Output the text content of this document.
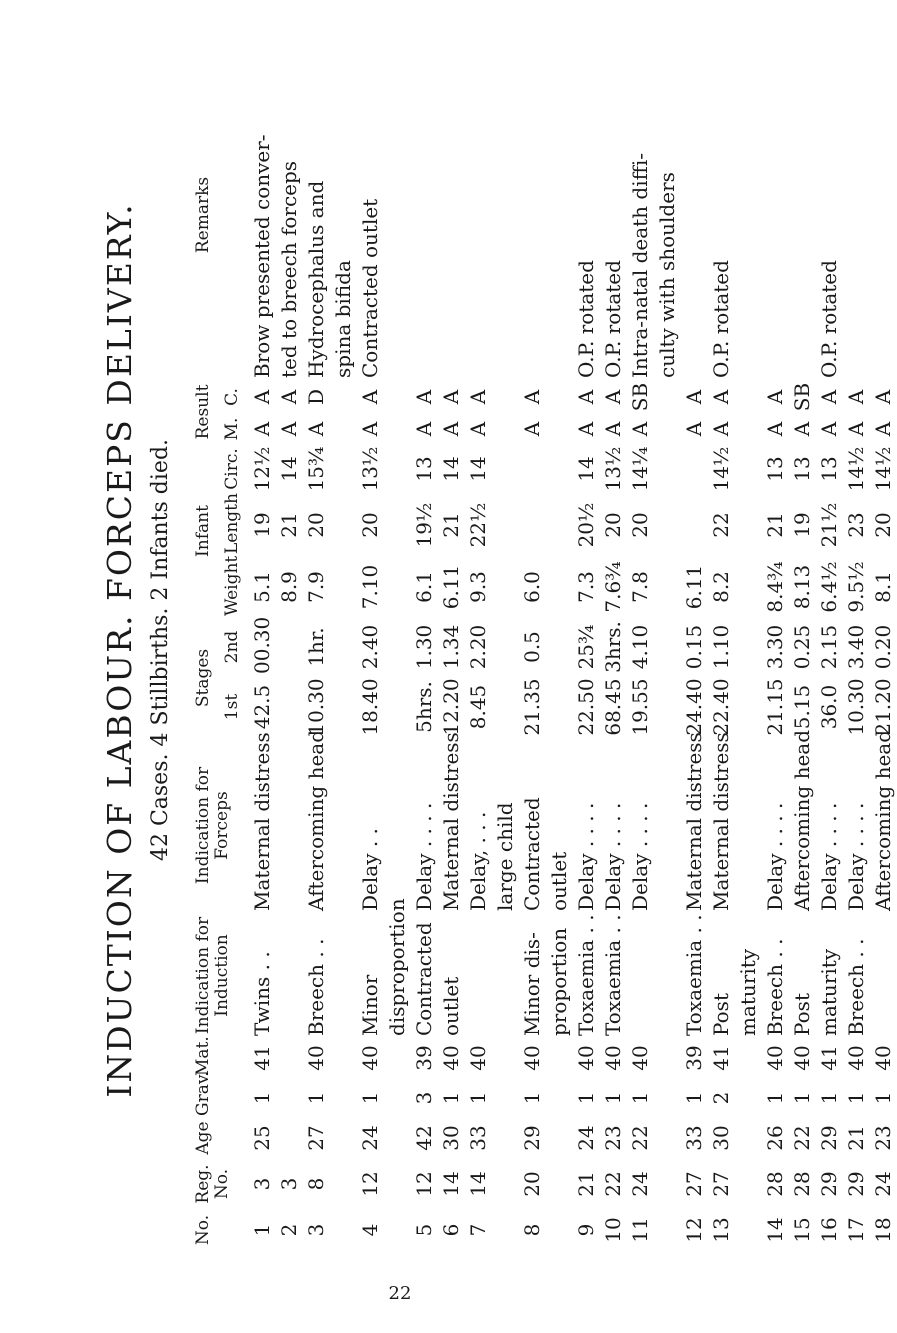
INDUCTION OF LABOUR. FORCEPS DELIVERY. 42 Cases. 4 Stillbirths. 2 Infants died.
No.	Reg. No.	Age	Grav.	Mat.	Indication for Induction	Indication for Forceps	Stages		Infant			Result		Remarks
							1st	2nd	Weight	Length	Circ.	M.	C.	
1	3	25	1	41	Twins . .	Maternal distress	42.5	00.30	5.1	19	12½	A	A	Brow presented conver-
2	3								8.9	21	14	A	A	ted to breech forceps
3	8	27	1	40	Breech . .	Aftercoming head	10.30	1hr.	7.9	20	15¾	A	D	Hydrocephalus and
														spina bifida
4	12	24	1	40	Minor	Delay . .	18.40	2.40	7.10	20	13½	A	A	Contracted outlet
					disproportion									
5	12	42	3	39	Contracted	Delay . . . .	5hrs.	1.30	6.1	19½	13	A	A	
6	14	30	1	40	outlet	Maternal distress	12.20	1.34	6.11	21	14	A	A	
7	14	33	1	40		Delay, . . .	8.45	2.20	9.3	22½	14	A	A	
						large child								
8	20	29	1	40	Minor dis-	Contracted	21.35	0.5	6.0			A	A	
					proportion	outlet								
9	21	24	1	40	Toxaemia . .	Delay . . . .	22.50	25¾	7.3	20½	14	A	A	O.P. rotated
10	22	23	1	40	Toxaemia . .	Delay . . . .	68.45	3hrs.	7.6¾	20	13½	A	A	O.P. rotated
11	24	22	1	40		Delay . . . .	19.55	4.10	7.8	20	14¼	A	SB	Intra-natal death diffi-
														culty with shoulders
12	27	33	1	39	Toxaemia . .	Maternal distress	24.40	0.15	6.11			A	A	
13	27	30	2	41	Post	Maternal distress	22.40	1.10	8.2	22	14½	A	A	O.P. rotated
					maturity									
14	28	26	1	40	Breech . .	Delay . . . .	21.15	3.30	8.4¾	21	13	A	A	
15	28	22	1	40	Post	Aftercoming head	5.15	0.25	8.13	19	13	A	SB	
16	29	29	1	41	maturity	Delay . . . .	36.0	2.15	6.4½	21½	13	A	A	O.P. rotated
17	29	21	1	40	Breech . .	Delay . . . .	10.30	3.40	9.5½	23	14½	A	A	
18	24	23	1	40		Aftercoming head	21.20	0.20	8.1	20	14½	A	A	
22
